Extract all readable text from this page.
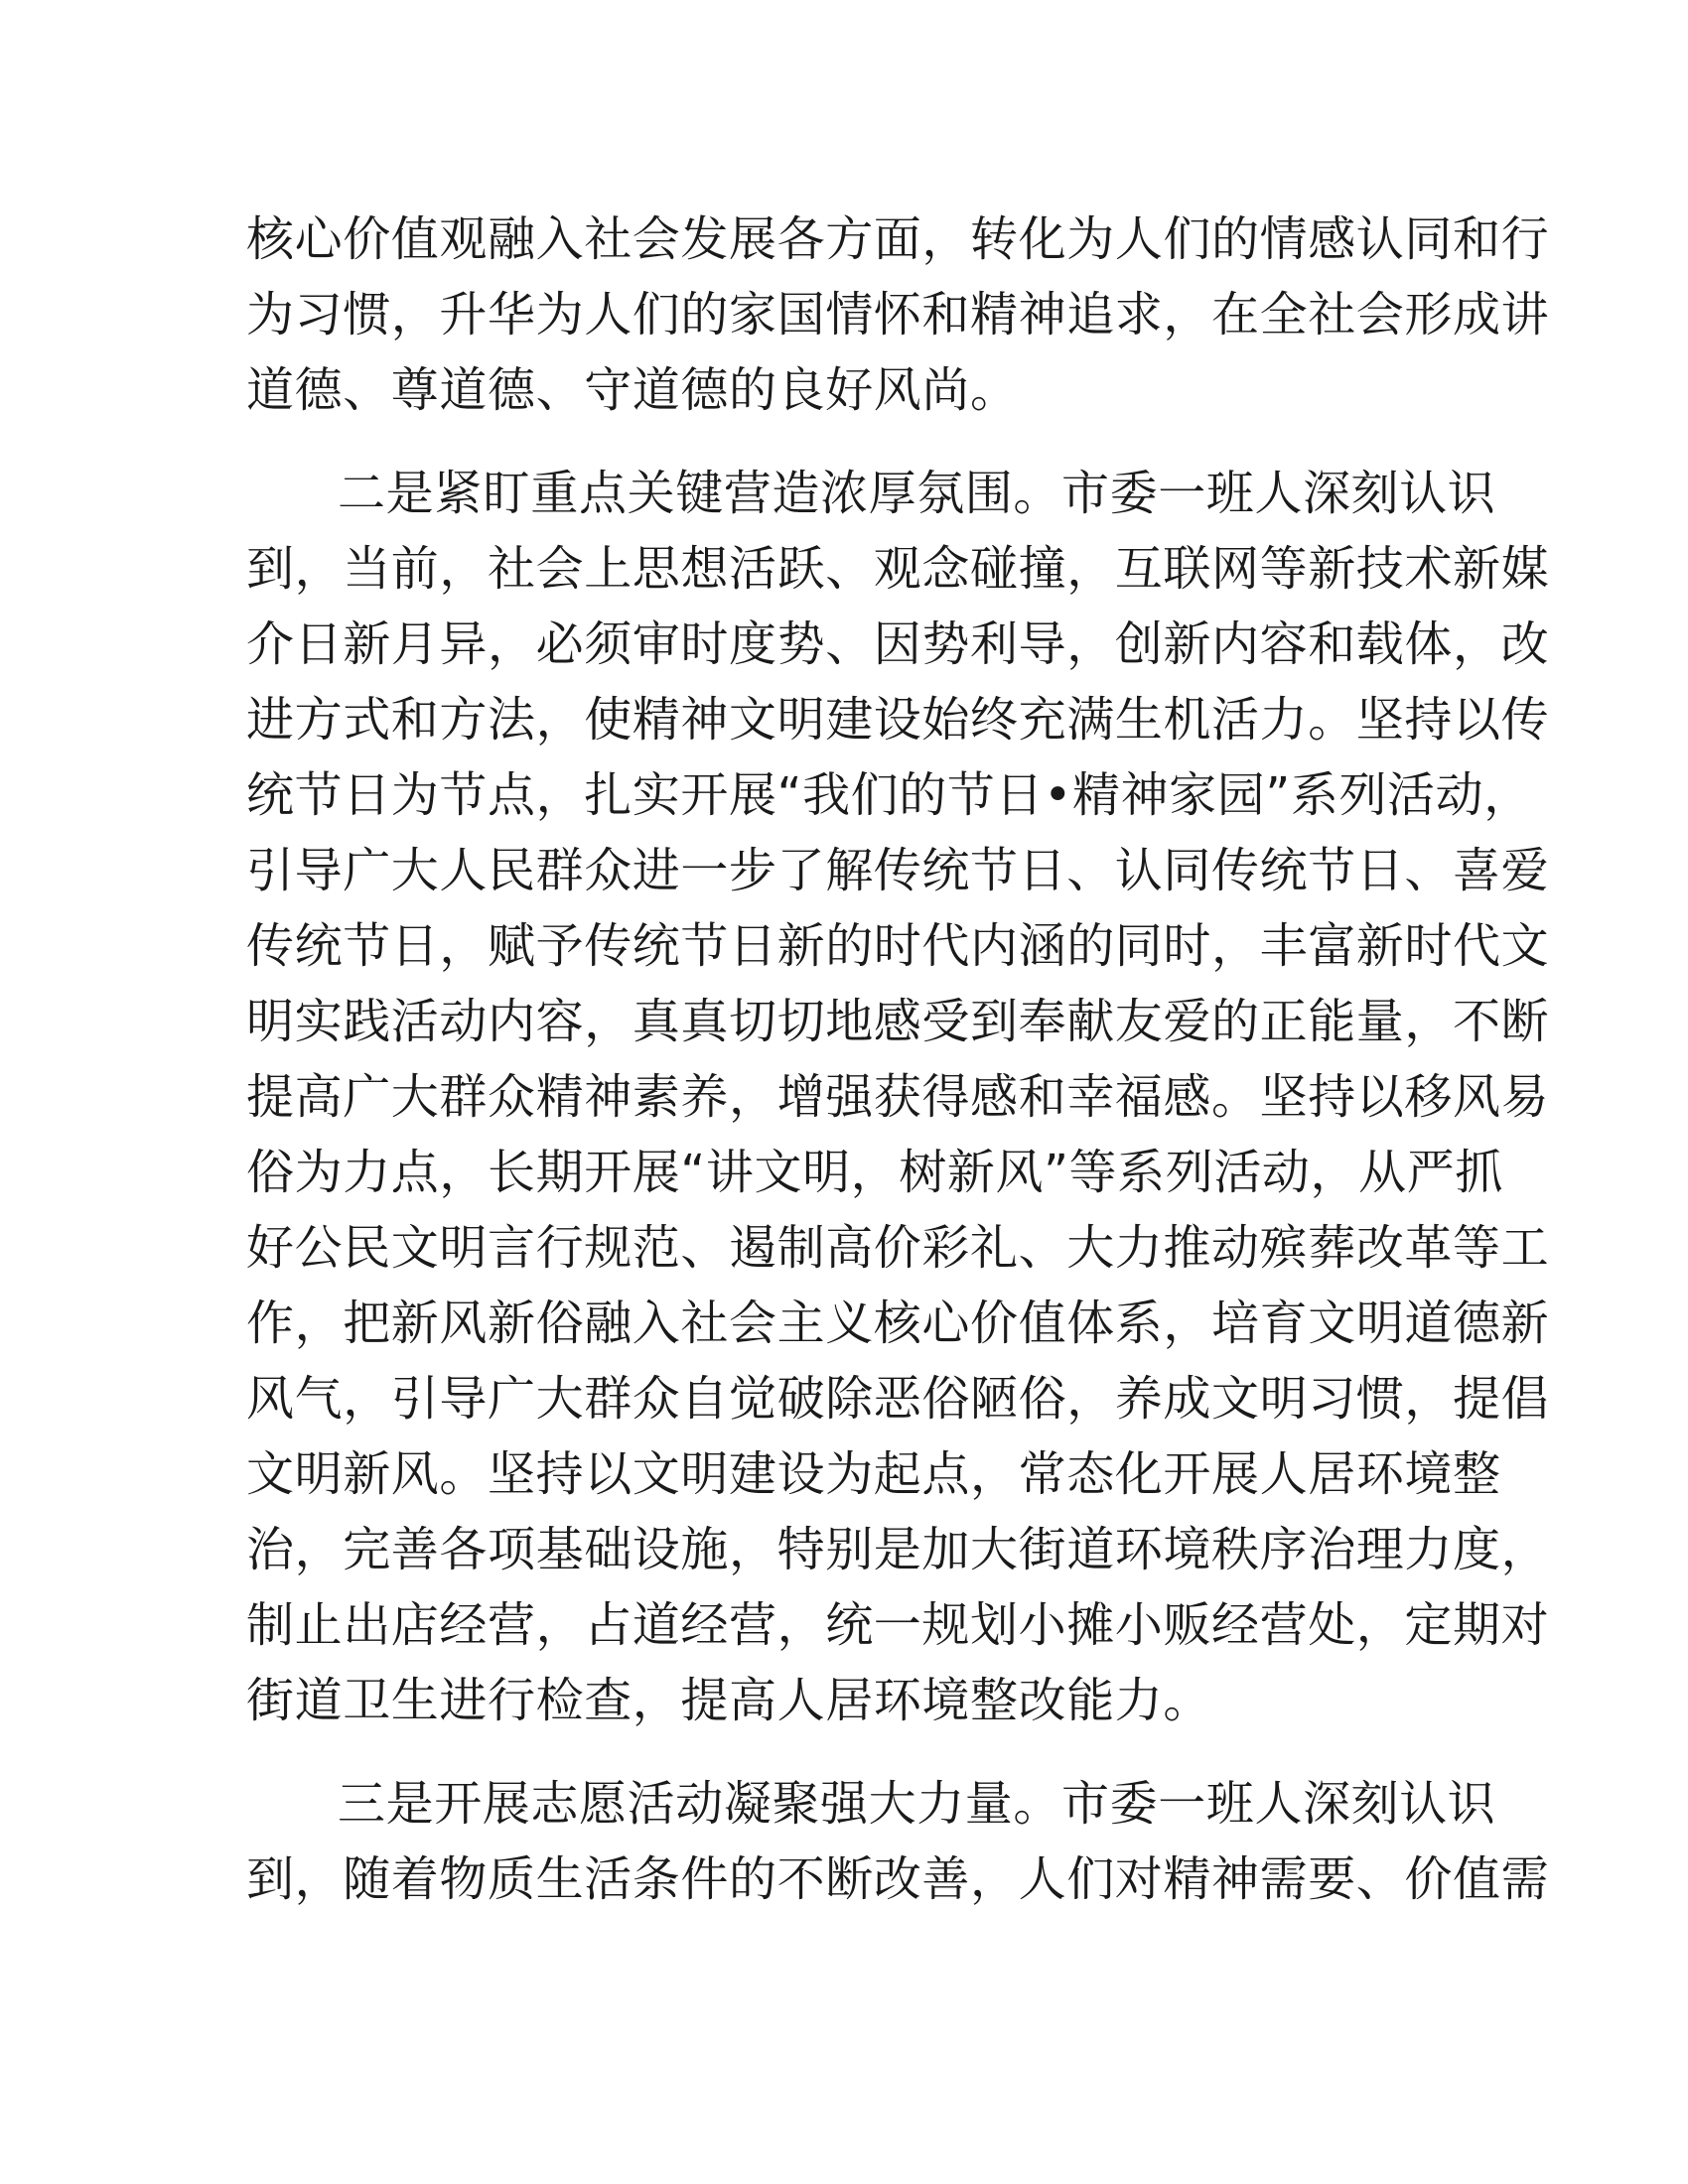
核心价值观融入社会发展各方面，转化为人们的情感认同和行
为习惯，升华为人们的家国情怀和精神追求，在全社会形成讲
道德、尊道德、守道德的良好风尚。
二是紧盯重点关键营造浓厚氛围。市委一班人深刻认识
到，当前，社会上思想活跃、观念碰撞，互联网等新技术新媒
介日新月异，必须审时度势、因势利导，创新内容和载体，改
进方式和方法，使精神文明建设始终充满生机活力。坚持以传
统节日为节点，扎实开展“我们的节日•精神家园”系列活动，
引导广大人民群众进一步了解传统节日、认同传统节日、喜爱
传统节日，赋予传统节日新的时代内涵的同时，丰富新时代文
明实践活动内容，真真切切地感受到奉献友爱的正能量，不断
提高广大群众精神素养，增强获得感和幸福感。坚持以移风易
俗为力点，长期开展“讲文明，树新风”等系列活动，从严抓
好公民文明言行规范、遏制高价彩礼、大力推动殡葬改革等工
作，把新风新俗融入社会主义核心价值体系，培育文明道德新
风气，引导广大群众自觉破除恶俗陋俗，养成文明习惯，提倡
文明新风。坚持以文明建设为起点，常态化开展人居环境整
治，完善各项基础设施，特别是加大街道环境秩序治理力度，
制止出店经营，占道经营，统一规划小摊小贩经营处，定期对
街道卫生进行检查，提高人居环境整改能力。
三是开展志愿活动凝聚强大力量。市委一班人深刻认识
到，随着物质生活条件的不断改善，人们对精神需要、价值需
